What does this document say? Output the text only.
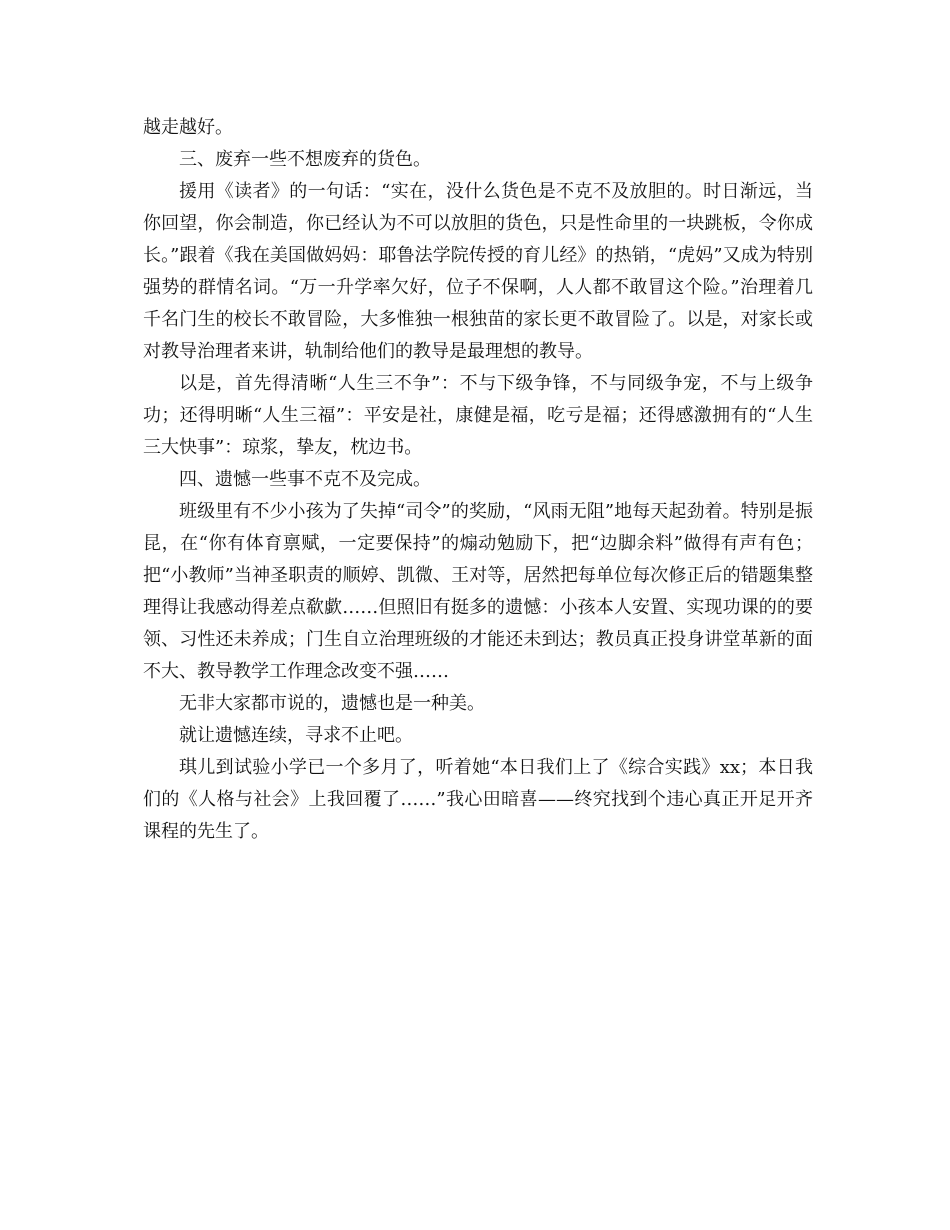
越走越好。

三、废弃一些不想废弃的货色。

援用《读者》的一句话：“实在，没什么货色是不克不及放胆的。时日渐远，当你回望，你会制造，你已经认为不可以放胆的货色，只是性命里的一块跳板，令你成长。”跟着《我在美国做妈妈：耶鲁法学院传授的育儿经》的热销，“虎妈”又成为特别强势的群情名词。“万一升学率欠好，位子不保啊，人人都不敢冒这个险。”治理着几千名门生的校长不敢冒险，大多惟独一根独苗的家长更不敢冒险了。以是，对家长或对教导治理者来讲，轨制给他们的教导是最理想的教导。

以是，首先得清晰“人生三不争”：不与下级争锋，不与同级争宠，不与上级争功；还得明晰“人生三福”：平安是社，康健是福，吃亏是福；还得感激拥有的“人生三大快事”：琼浆，挚友，枕边书。

四、遗憾一些事不克不及完成。

班级里有不少小孩为了失掉“司令”的奖励，“风雨无阻”地每天起劲着。特别是振昆，在“你有体育禀赋，一定要保持”的煽动勉励下，把“边脚余料”做得有声有色；把“小教师”当神圣职责的顺婷、凯微、王对等，居然把每单位每次修正后的错题集整理得让我感动得差点欷歔……但照旧有挺多的遗憾：小孩本人安置、实现功课的的要领、习性还未养成；门生自立治理班级的才能还未到达；教员真正投身讲堂革新的面不大、教导教学工作理念改变不强……

无非大家都市说的，遗憾也是一种美。

就让遗憾连续，寻求不止吧。

琪儿到试验小学已一个多月了，听着她“本日我们上了《综合实践》xx；本日我们的《人格与社会》上我回覆了……”我心田暗喜——终究找到个违心真正开足开齐课程的先生了。
